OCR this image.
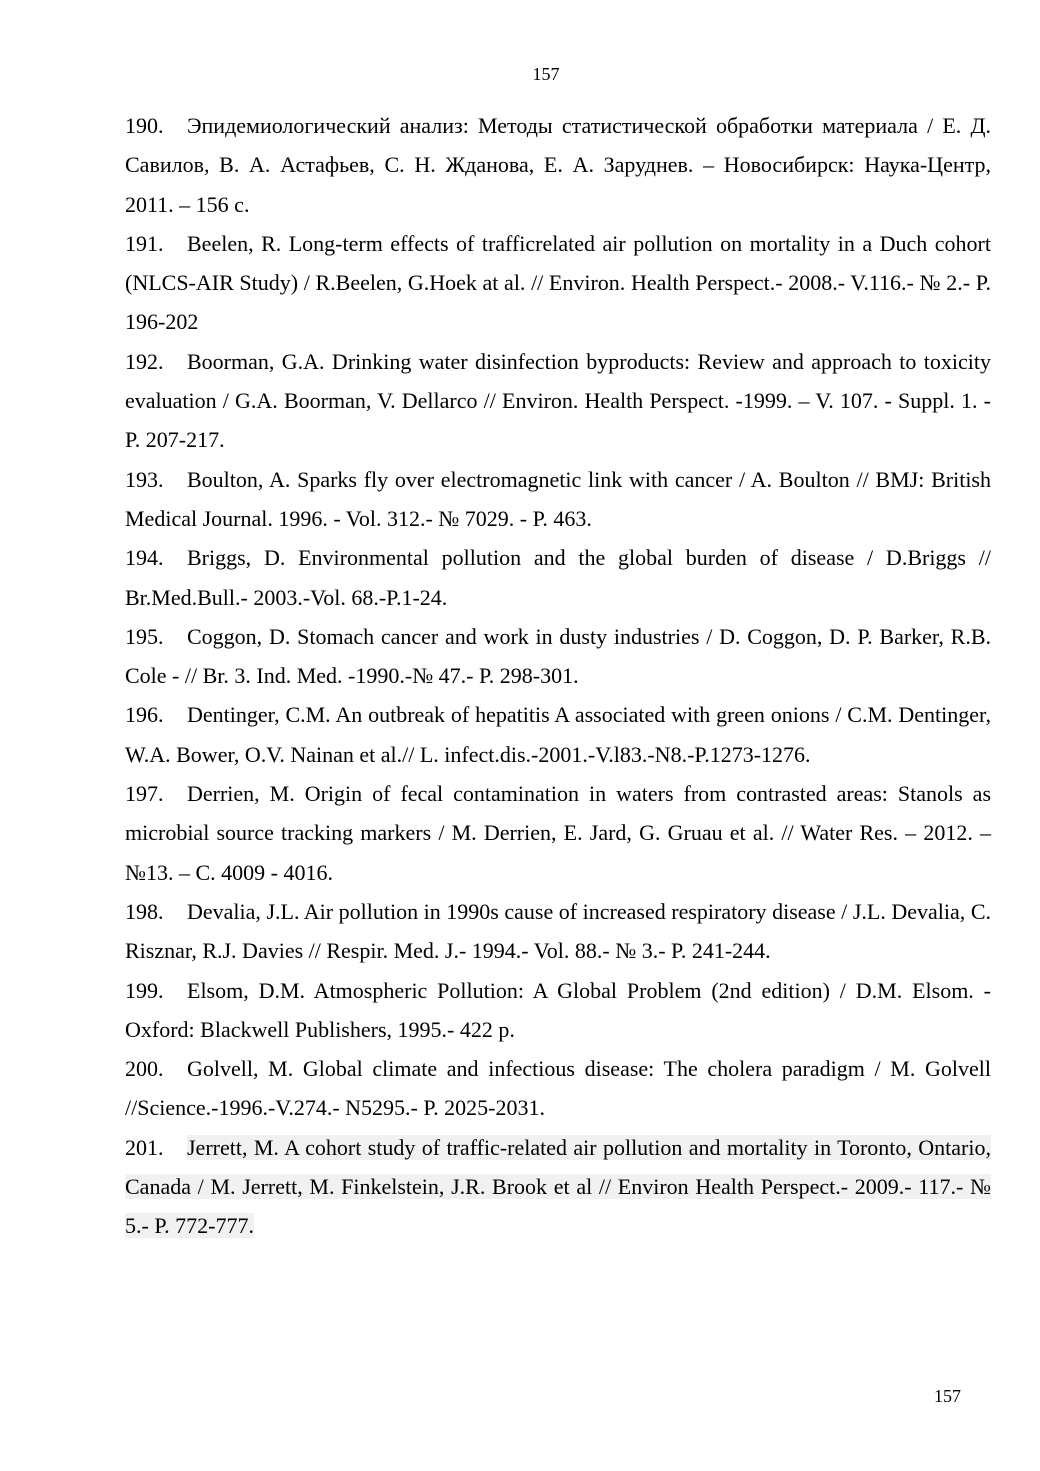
157

190. Эпидемиологический анализ: Методы статистической обработки материала / Е. Д. Савилов, В. А. Астафьев, С. Н. Жданова, Е. А. Заруднев. – Новосибирск: Наука-Центр, 2011. – 156 с.

191. Beelen, R. Long-term effects of trafficrelated air pollution on mortality in a Duch cohort (NLCS-AIR Study) / R.Beelen, G.Hoek at al. // Environ. Health Perspect.- 2008.- V.116.- № 2.- P. 196-202

192. Boorman, G.A. Drinking water disinfection byproducts: Review and approach to toxicity evaluation / G.A. Boorman, V. Dellarco // Environ. Health Perspect. -1999. – V. 107. - Suppl. 1. - P. 207-217.

193. Boulton, A. Sparks fly over electromagnetic link with cancer / A. Boulton // BMJ: British Medical Journal. 1996. - Vol. 312.- № 7029. - P. 463.

194. Briggs, D. Environmental pollution and the global burden of disease / D.Briggs // Br.Med.Bull.- 2003.-Vol. 68.-P.1-24.

195. Coggon, D. Stomach cancer and work in dusty industries / D. Coggon, D. P. Barker, R.B. Cole - // Br. 3. Ind. Med. -1990.-№ 47.- P. 298-301.

196. Dentinger, C.M. An outbreak of hepatitis A associated with green onions / C.M. Dentinger, W.A. Bower, O.V. Nainan et al.// L. infect.dis.-2001.-V.l83.-N8.-P.1273-1276.

197. Derrien, M. Origin of fecal contamination in waters from contrasted areas: Stanols as microbial source tracking markers / M. Derrien, E. Jard, G. Gruau et al. // Water Res. – 2012. – №13. – С. 4009 - 4016.

198. Devalia, J.L. Air pollution in 1990s cause of increased respiratory disease / J.L. Devalia, C. Risznar, R.J. Davies // Respir. Med. J.- 1994.- Vol. 88.- № 3.- P. 241-244.

199. Elsom, D.M. Atmospheric Pollution: A Global Problem (2nd edition) / D.M. Elsom. - Oxford: Blackwell Publishers, 1995.- 422 p.

200. Golvell, M. Global climate and infectious disease: The cholera paradigm / M. Golvell //Science.-1996.-V.274.- N5295.- P. 2025-2031.

201. Jerrett, M. A cohort study of traffic-related air pollution and mortality in Toronto, Ontario, Canada / M. Jerrett, M. Finkelstein, J.R. Brook et al // Environ Health Perspect.- 2009.- 117.- № 5.- P. 772-777.

157
